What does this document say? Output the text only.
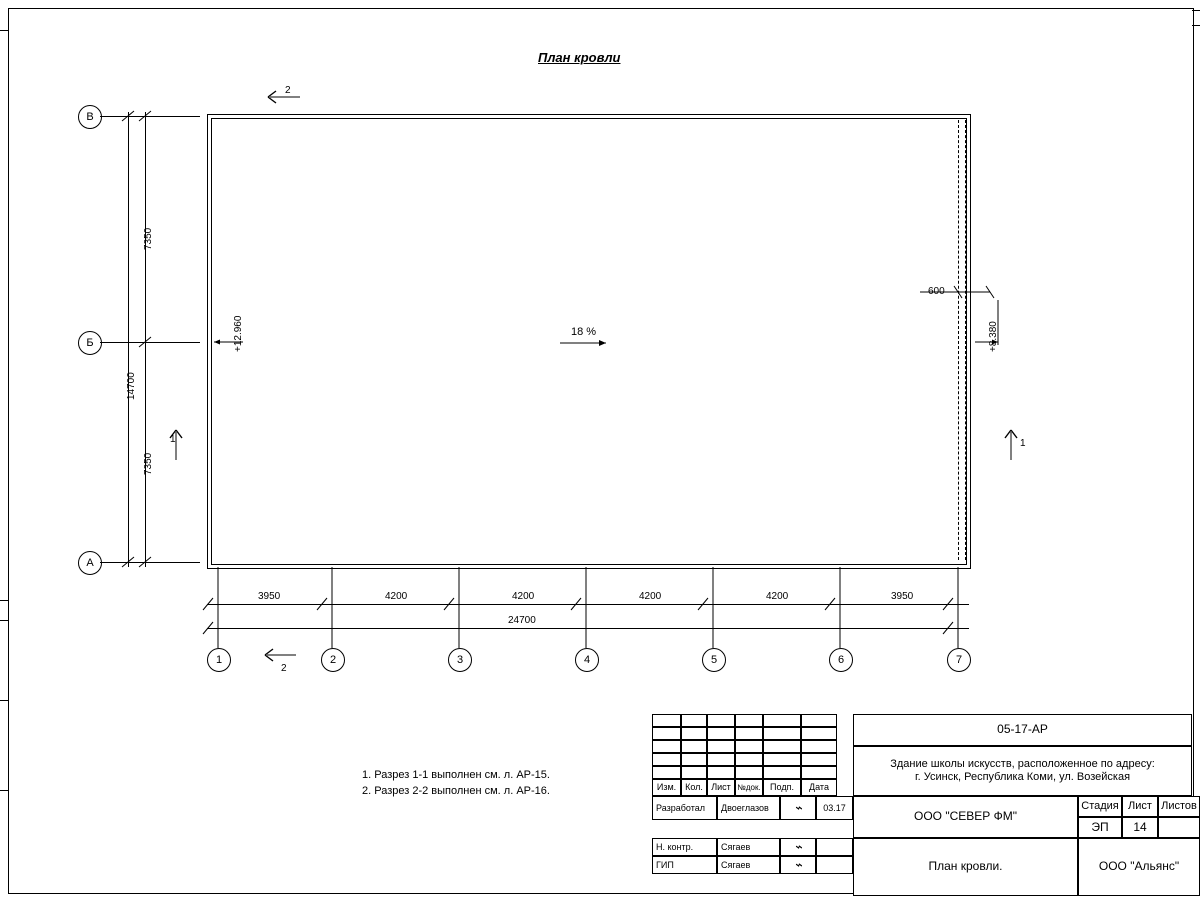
План кровли
В
Б
А
7350
7350
14700
+12.960	+8.380
18 %
600
2
1	1
2
3950	4200	4200	4200	4200	3950
24700
1	2	3	4	5	6	7
1. Разрез 1-1 выполнен см. л. АР-15.
2. Разрез 2-2 выполнен см. л. АР-16.	Изм. Кол. Лист №док.	Подп.	Дата
Разработал	Двоеглазов	⌁	03.17
Н. контр.	Сягаев	⌁
ГИП	Сягаев	⌁
05-17-АР
Здание школы искусств, расположенное по адресу:
г. Усинск, Республика Коми, ул. Возейская
ООО "СЕВЕР ФМ"
План кровли.
Стадия Лист Листов
ЭП	14
ООО "Альянс"
